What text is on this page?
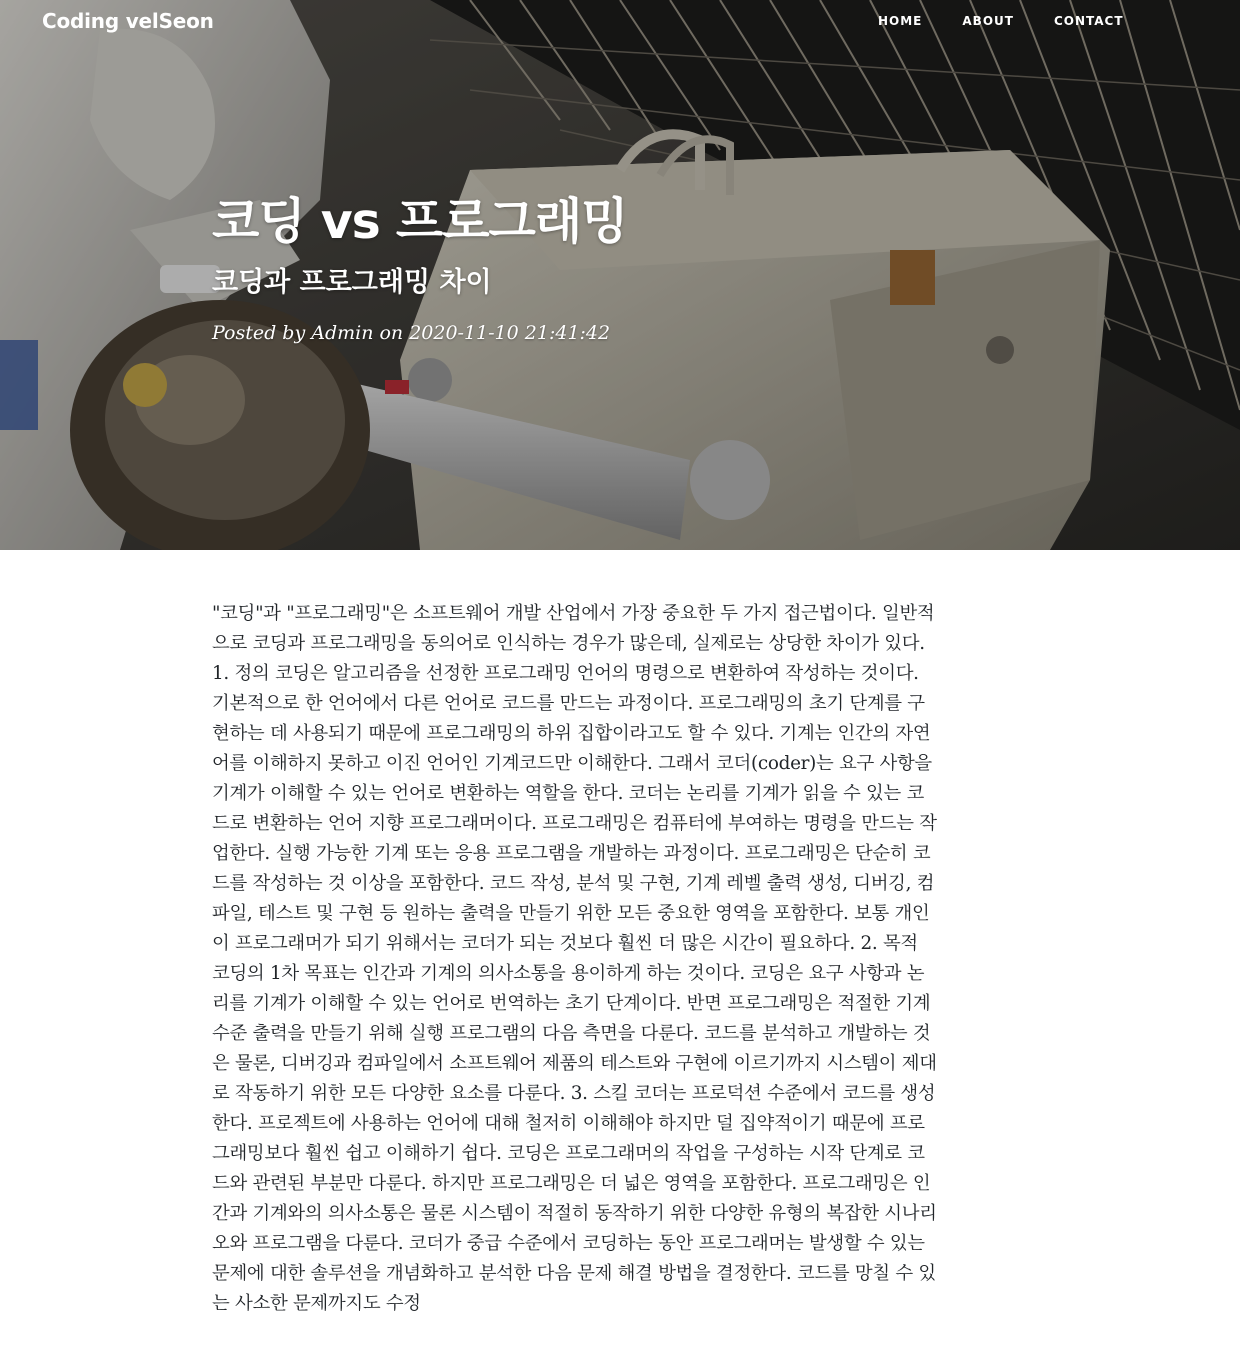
Coding velSeon	HOME	ABOUT	CONTACT
코딩 vs 프로그래밍
코딩과 프로그래밍 차이

Posted by Admin on 2020-11-10 21:41:42

"코딩"과 "프로그래밍"은 소프트웨어 개발 산업에서 가장 중요한 두 가지 접근법이다. 일반적으로 코딩과 프로그래밍을 동의어로 인식하는 경우가 많은데, 실제로는 상당한 차이가 있다. 1. 정의 코딩은 알고리즘을 선정한 프로그래밍 언어의 명령으로 변환하여 작성하는 것이다. 기본적으로 한 언어에서 다른 언어로 코드를 만드는 과정이다. 프로그래밍의 초기 단계를 구현하는 데 사용되기 때문에 프로그래밍의 하위 집합이라고도 할 수 있다. 기계는 인간의 자연어를 이해하지 못하고 이진 언어인 기계코드만 이해한다. 그래서 코더(coder)는 요구 사항을 기계가 이해할 수 있는 언어로 변환하는 역할을 한다. 코더는 논리를 기계가 읽을 수 있는 코드로 변환하는 언어 지향 프로그래머이다. 프로그래밍은 컴퓨터에 부여하는 명령을 만드는 작업한다. 실행 가능한 기계 또는 응용 프로그램을 개발하는 과정이다. 프로그래밍은 단순히 코드를 작성하는 것 이상을 포함한다. 코드 작성, 분석 및 구현, 기계 레벨 출력 생성, 디버깅, 컴파일, 테스트 및 구현 등 원하는 출력을 만들기 위한 모든 중요한 영역을 포함한다. 보통 개인이 프로그래머가 되기 위해서는 코더가 되는 것보다 훨씬 더 많은 시간이 필요하다. 2. 목적 코딩의 1차 목표는 인간과 기계의 의사소통을 용이하게 하는 것이다. 코딩은 요구 사항과 논리를 기계가 이해할 수 있는 언어로 번역하는 초기 단계이다. 반면 프로그래밍은 적절한 기계 수준 출력을 만들기 위해 실행 프로그램의 다음 측면을 다룬다. 코드를 분석하고 개발하는 것은 물론, 디버깅과 컴파일에서 소프트웨어 제품의 테스트와 구현에 이르기까지 시스템이 제대로 작동하기 위한 모든 다양한 요소를 다룬다. 3. 스킬 코더는 프로덕션 수준에서 코드를 생성한다. 프로젝트에 사용하는 언어에 대해 철저히 이해해야 하지만 덜 집약적이기 때문에 프로그래밍보다 훨씬 쉽고 이해하기 쉽다. 코딩은 프로그래머의 작업을 구성하는 시작 단계로 코드와 관련된 부분만 다룬다. 하지만 프로그래밍은 더 넓은 영역을 포함한다. 프로그래밍은 인간과 기계와의 의사소통은 물론 시스템이 적절히 동작하기 위한 다양한 유형의 복잡한 시나리오와 프로그램을 다룬다. 코더가 중급 수준에서 코딩하는 동안 프로그래머는 발생할 수 있는 문제에 대한 솔루션을 개념화하고 분석한 다음 문제 해결 방법을 결정한다. 코드를 망칠 수 있는 사소한 문제까지도 수정
